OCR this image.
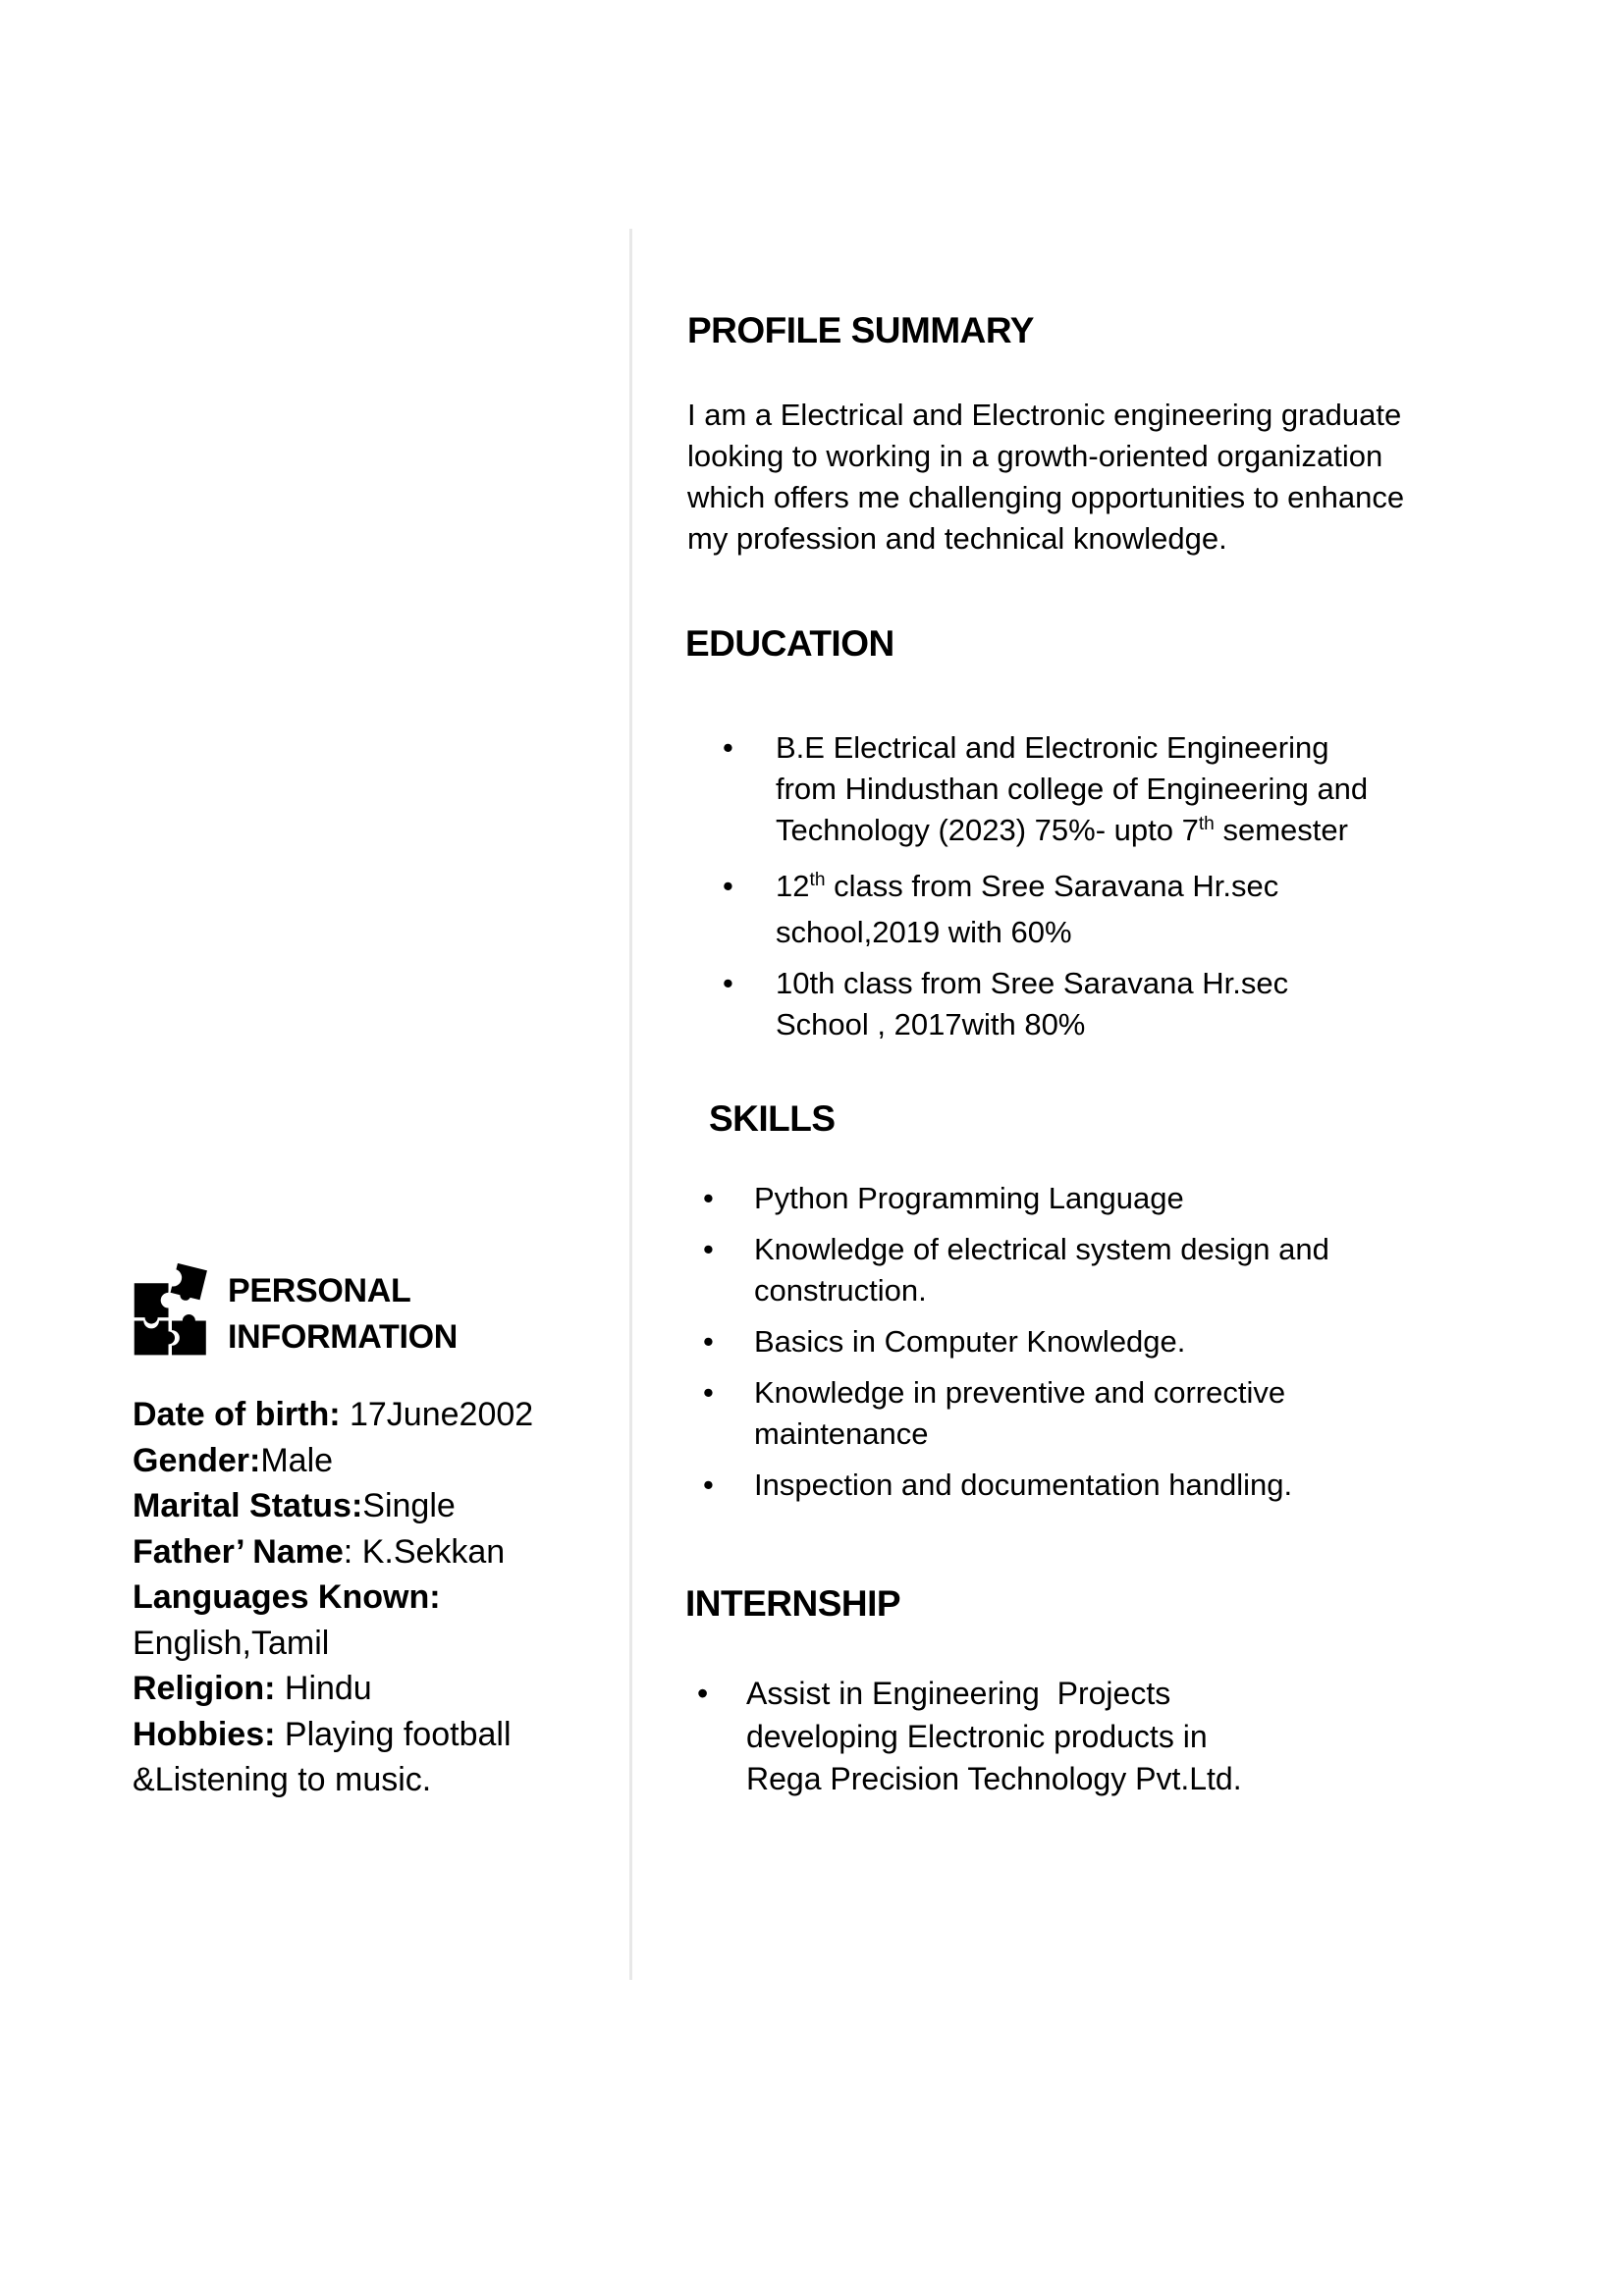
PERSONAL
INFORMATION
Date of birth: 17June2002
Gender:Male
Marital Status:Single
Father’ Name: K.Sekkan
Languages Known:
English,Tamil
Religion: Hindu
Hobbies: Playing football
&Listening to music.
PROFILE SUMMARY
I am a Electrical and Electronic engineering graduate
looking to working in a growth-oriented organization
which offers me challenging opportunities to enhance
my profession and technical knowledge.
EDUCATION
• B.E Electrical and Electronic Engineering
from Hindusthan college of Engineering and
Technology (2023) 75%- upto 7th semester
• 12th class from Sree Saravana Hr.sec
school,2019 with 60%
• 10th class from Sree Saravana Hr.sec
School , 2017with 80%
SKILLS
• Python Programming Language
• Knowledge of electrical system design and
construction.
• Basics in Computer Knowledge.
• Knowledge in preventive and corrective
maintenance
• Inspection and documentation handling.
INTERNSHIP
• Assist in Engineering  Projects
developing Electronic products in
Rega Precision Technology Pvt.Ltd.
